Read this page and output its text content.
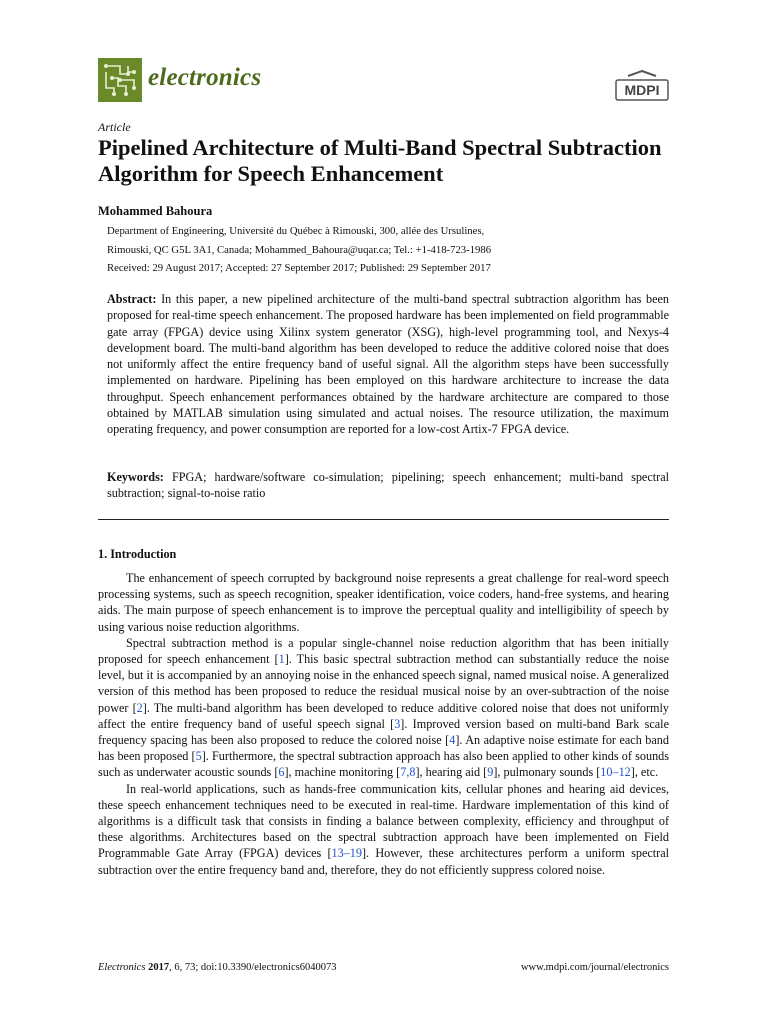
electronics	MDPI
Article
Pipelined Architecture of Multi-Band Spectral Subtraction Algorithm for Speech Enhancement
Mohammed Bahoura
Department of Engineering, Université du Québec à Rimouski, 300, allée des Ursulines,
Rimouski, QC G5L 3A1, Canada; Mohammed_Bahoura@uqar.ca; Tel.: +1-418-723-1986
Received: 29 August 2017; Accepted: 27 September 2017; Published: 29 September 2017

Abstract: In this paper, a new pipelined architecture of the multi-band spectral subtraction algorithm has been proposed for real-time speech enhancement. The proposed hardware has been implemented on field programmable gate array (FPGA) device using Xilinx system generator (XSG), high-level programming tool, and Nexys-4 development board. The multi-band algorithm has been developed to reduce the additive colored noise that does not uniformly affect the entire frequency band of useful signal. All the algorithm steps have been successfully implemented on hardware. Pipelining has been employed on this hardware architecture to increase the data throughput. Speech enhancement performances obtained by the hardware architecture are compared to those obtained by MATLAB simulation using simulated and actual noises. The resource utilization, the maximum operating frequency, and power consumption are reported for a low-cost Artix-7 FPGA device.

Keywords: FPGA; hardware/software co-simulation; pipelining; speech enhancement; multi-band spectral subtraction; signal-to-noise ratio

1. Introduction

The enhancement of speech corrupted by background noise represents a great challenge for real-word speech processing systems, such as speech recognition, speaker identification, voice coders, hand-free systems, and hearing aids. The main purpose of speech enhancement is to improve the perceptual quality and intelligibility of speech by using various noise reduction algorithms.

Spectral subtraction method is a popular single-channel noise reduction algorithm that has been initially proposed for speech enhancement [1]. This basic spectral subtraction method can substantially reduce the noise level, but it is accompanied by an annoying noise in the enhanced speech signal, named musical noise. A generalized version of this method has been proposed to reduce the residual musical noise by an over-subtraction of the noise power [2]. The multi-band algorithm has been developed to reduce additive colored noise that does not uniformly affect the entire frequency band of useful speech signal [3]. Improved version based on multi-band Bark scale frequency spacing has been also proposed to reduce the colored noise [4]. An adaptive noise estimate for each band has been proposed [5]. Furthermore, the spectral subtraction approach has also been applied to other kinds of sounds such as underwater acoustic sounds [6], machine monitoring [7,8], hearing aid [9], pulmonary sounds [10–12], etc.

In real-world applications, such as hands-free communication kits, cellular phones and hearing aid devices, these speech enhancement techniques need to be executed in real-time. Hardware implementation of this kind of algorithms is a difficult task that consists in finding a balance between complexity, efficiency and throughput of these algorithms. Architectures based on the spectral subtraction approach have been implemented on Field Programmable Gate Array (FPGA) devices [13–19]. However, these architectures perform a uniform spectral subtraction over the entire frequency band and, therefore, they do not efficiently suppress colored noise.

Electronics 2017, 6, 73; doi:10.3390/electronics6040073	www.mdpi.com/journal/electronics
